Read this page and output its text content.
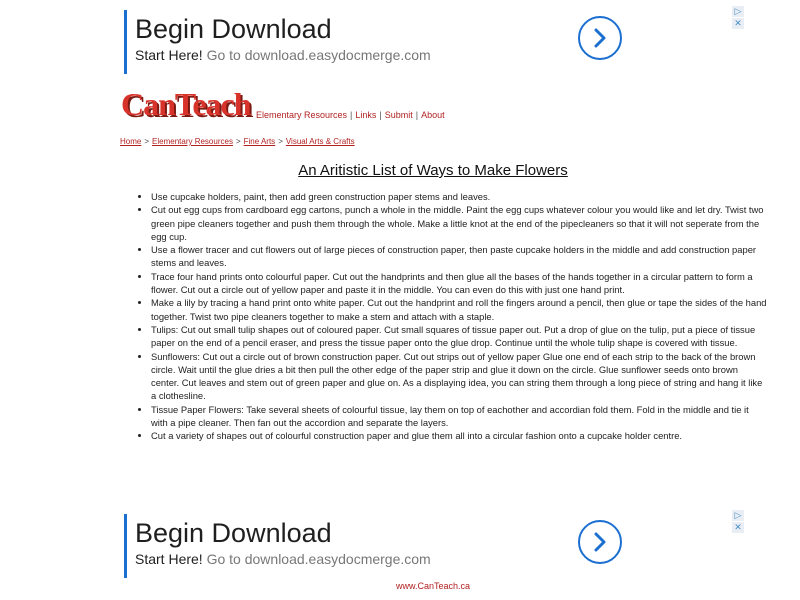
Begin Download
Start Here! Go to download.easydocmerge.com
▷
✕
CanTeach Elementary Resources | Links | Submit | About
Home > Elementary Resources > Fine Arts > Visual Arts & Crafts
An Aritistic List of Ways to Make Flowers
• Use cupcake holders, paint, then add green construction paper stems and leaves.
• Cut out egg cups from cardboard egg cartons, punch a whole in the middle. Paint the egg cups whatever colour you would like and let dry. Twist two green pipe cleaners together and push them through the whole. Make a little knot at the end of the pipecleaners so that it will not seperate from the egg cup.
• Use a flower tracer and cut flowers out of large pieces of construction paper, then paste cupcake holders in the middle and add construction paper stems and leaves.
• Trace four hand prints onto colourful paper. Cut out the handprints and then glue all the bases of the hands together in a circular pattern to form a flower. Cut out a circle out of yellow paper and paste it in the middle. You can even do this with just one hand print.
• Make a lily by tracing a hand print onto white paper. Cut out the handprint and roll the fingers around a pencil, then glue or tape the sides of the hand together. Twist two pipe cleaners together to make a stem and attach with a staple.
• Tulips: Cut out small tulip shapes out of coloured paper. Cut small squares of tissue paper out. Put a drop of glue on the tulip, put a piece of tissue paper on the end of a pencil eraser, and press the tissue paper onto the glue drop. Continue until the whole tulip shape is covered with tissue.
• Sunflowers: Cut out a circle out of brown construction paper. Cut out strips out of yellow paper Glue one end of each strip to the back of the brown circle. Wait until the glue dries a bit then pull the other edge of the paper strip and glue it down on the circle. Glue sunflower seeds onto brown center. Cut leaves and stem out of green paper and glue on. As a displaying idea, you can string them through a long piece of string and hang it like a clothesline.
• Tissue Paper Flowers: Take several sheets of colourful tissue, lay them on top of eachother and accordian fold them. Fold in the middle and tie it with a pipe cleaner. Then fan out the accordion and separate the layers.
• Cut a variety of shapes out of colourful construction paper and glue them all into a circular fashion onto a cupcake holder centre.
Begin Download
Start Here! Go to download.easydocmerge.com
▷
✕
www.CanTeach.ca
